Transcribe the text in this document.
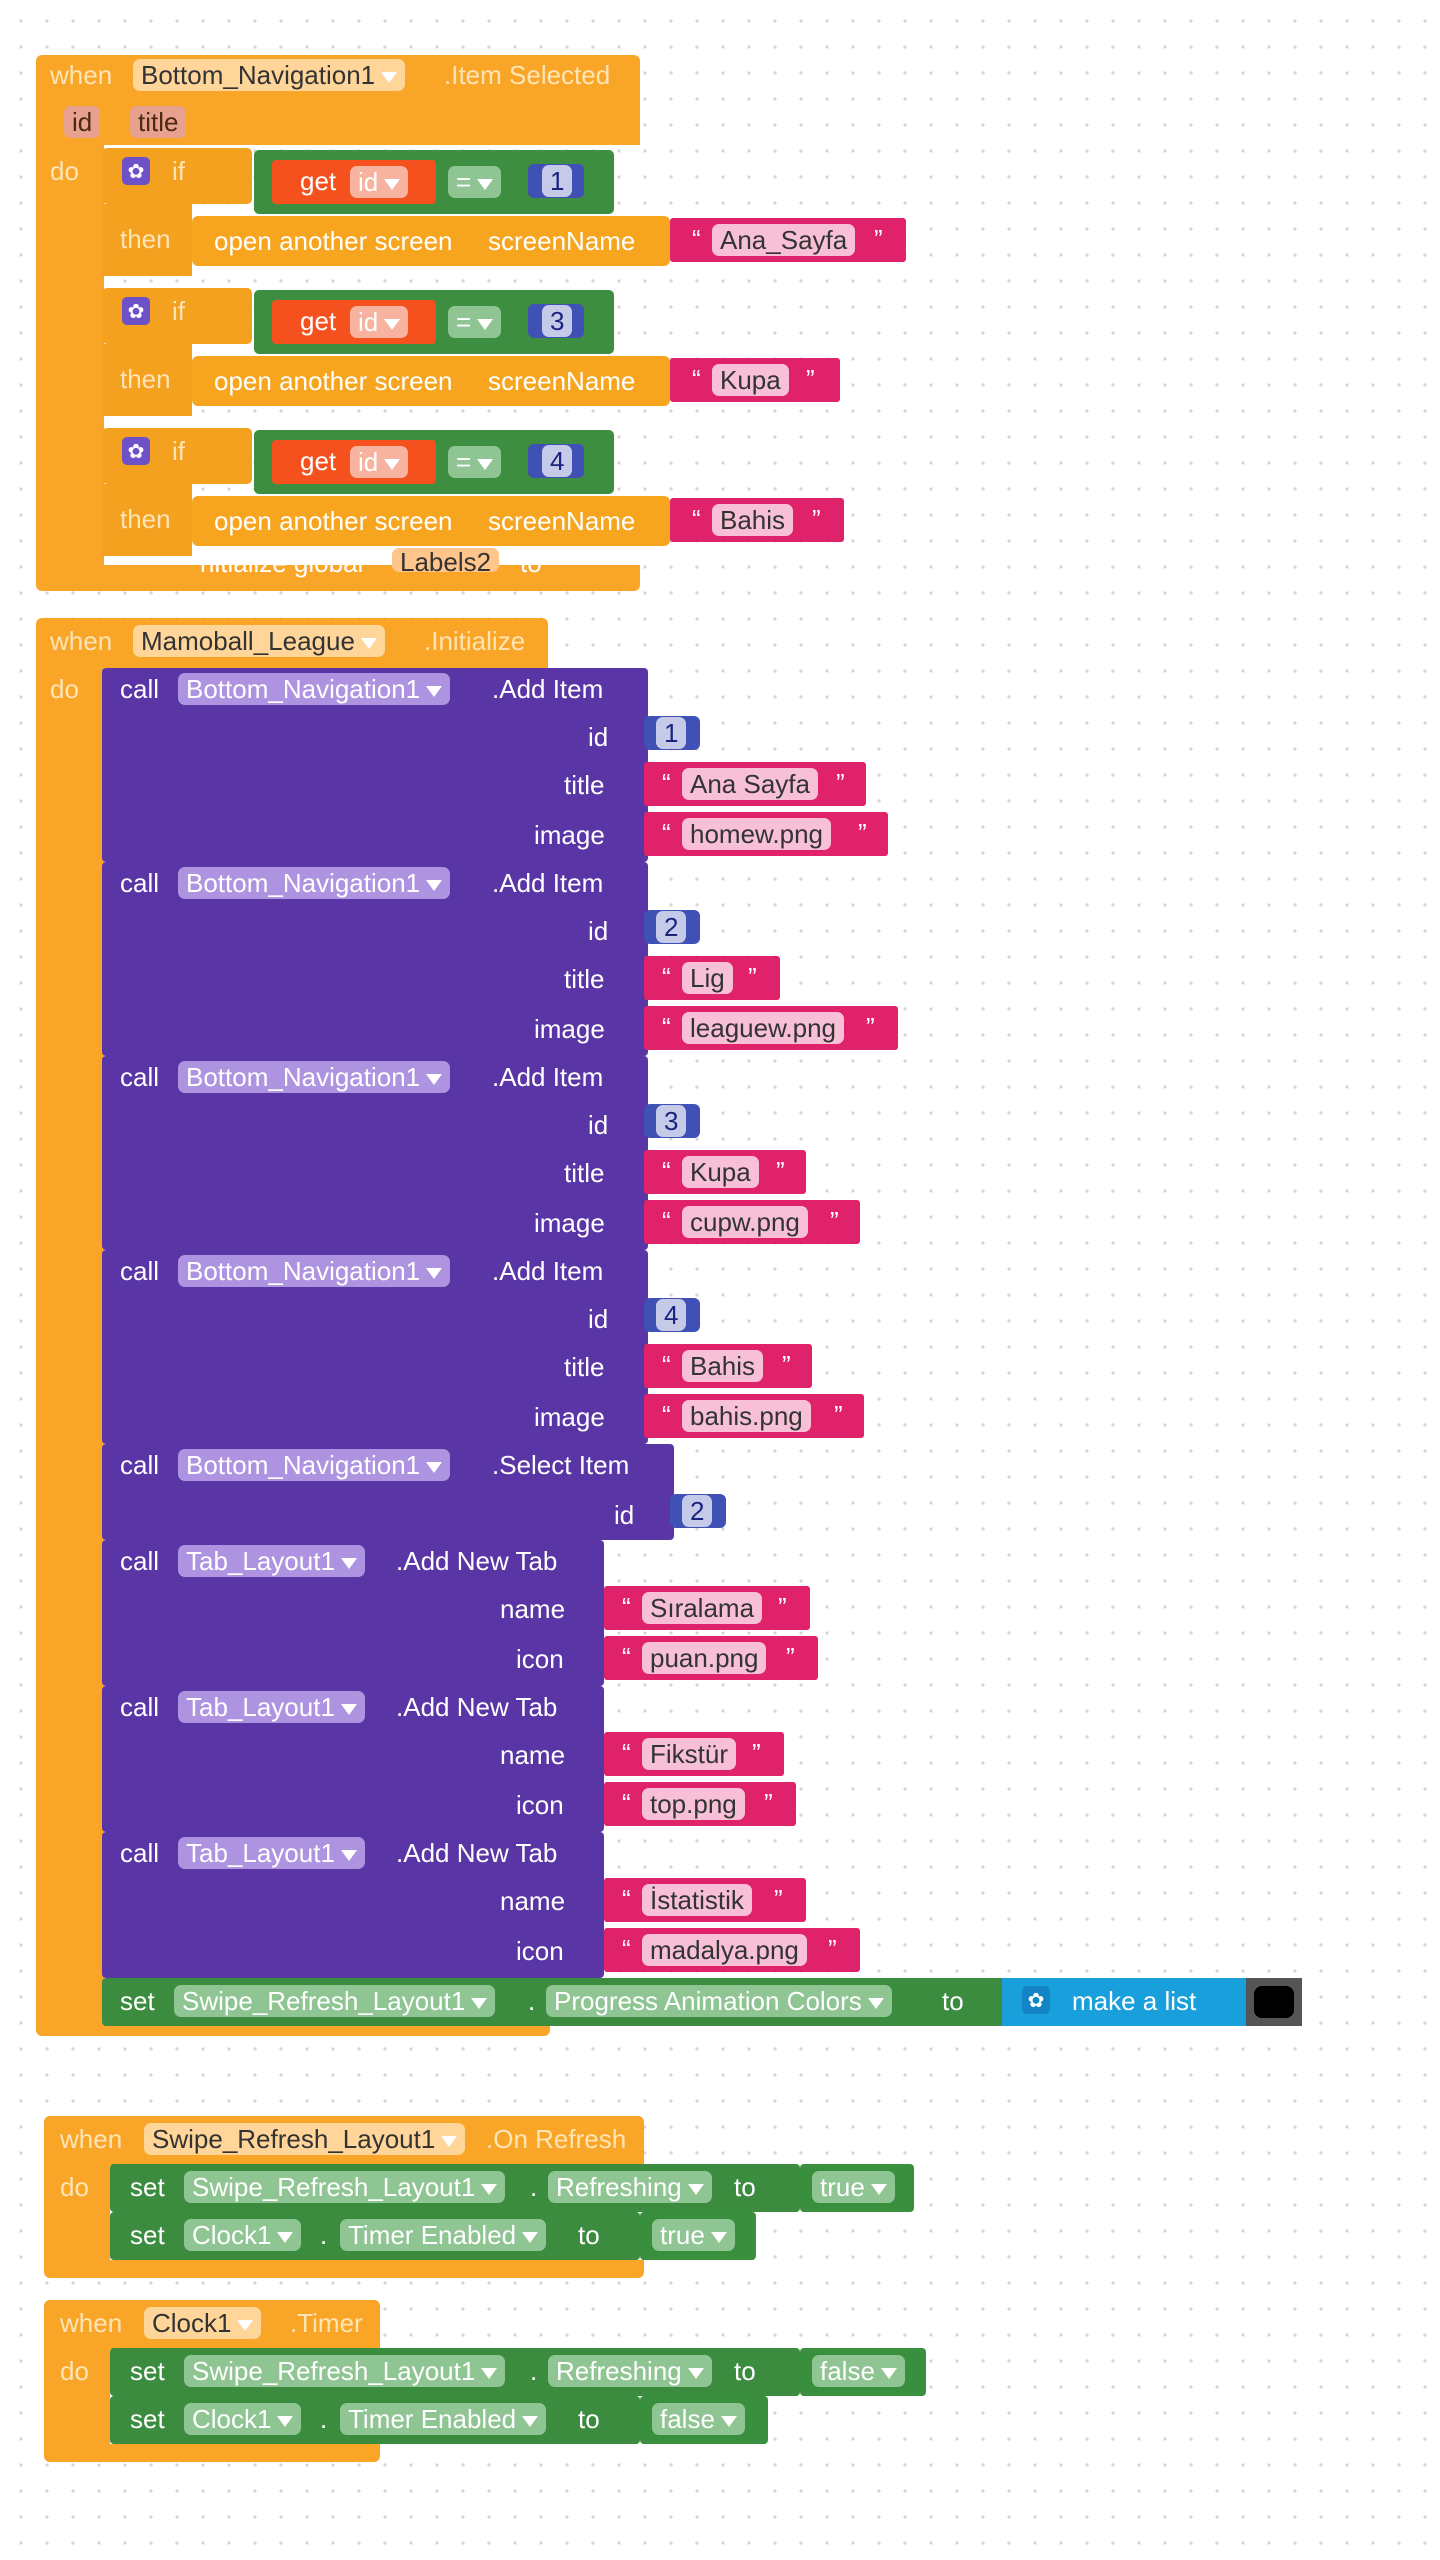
when	Bottom_Navigation1	.Item Selected
id	title
do ✿ if
then
get id	=	1
open another screen screenName “ Ana_Sayfa	”
✿ if
then
get id	=	3
open another screen screenName “ Kupa ”
✿ if
then
get id	=	4
open another screen screenName “ Bahis	”
nitialize global	Labels2	to
when	Mamoball_League	.Initialize
do call	Bottom_Navigation1	.Add Item
id	1
title “ Ana Sayfa	”
image “ homew.png	”
call	Bottom_Navigation1	.Add Item
id	2
title “ Lig ”
image “ leaguew.png	”
call	Bottom_Navigation1	.Add Item
id	3
title “ Kupa ”
image “ cupw.png	”
call	Bottom_Navigation1	.Add Item
id	4
title “ Bahis	”
image “ bahis.png	”
call	Bottom_Navigation1	.Select Item
id	2
call	Tab_Layout1	.Add New Tab
name “ Sıralama ”
icon “ puan.png	”
call	Tab_Layout1	.Add New Tab
name “ Fikstür ”
icon “ top.png	”
call	Tab_Layout1	.Add New Tab
name “ İstatistik	”
icon “ madalya.png	”
set	Swipe_Refresh_Layout1	. Progress Animation Colors	to	✿ make a list
when	Swipe_Refresh_Layout1	.On Refresh
do set	Swipe_Refresh_Layout1	. Refreshing	to	true
set	Clock1	. Timer Enabled	to	true
when	Clock1	.Timer
do set	Swipe_Refresh_Layout1	. Refreshing	to	false
set	Clock1	. Timer Enabled	to	false
